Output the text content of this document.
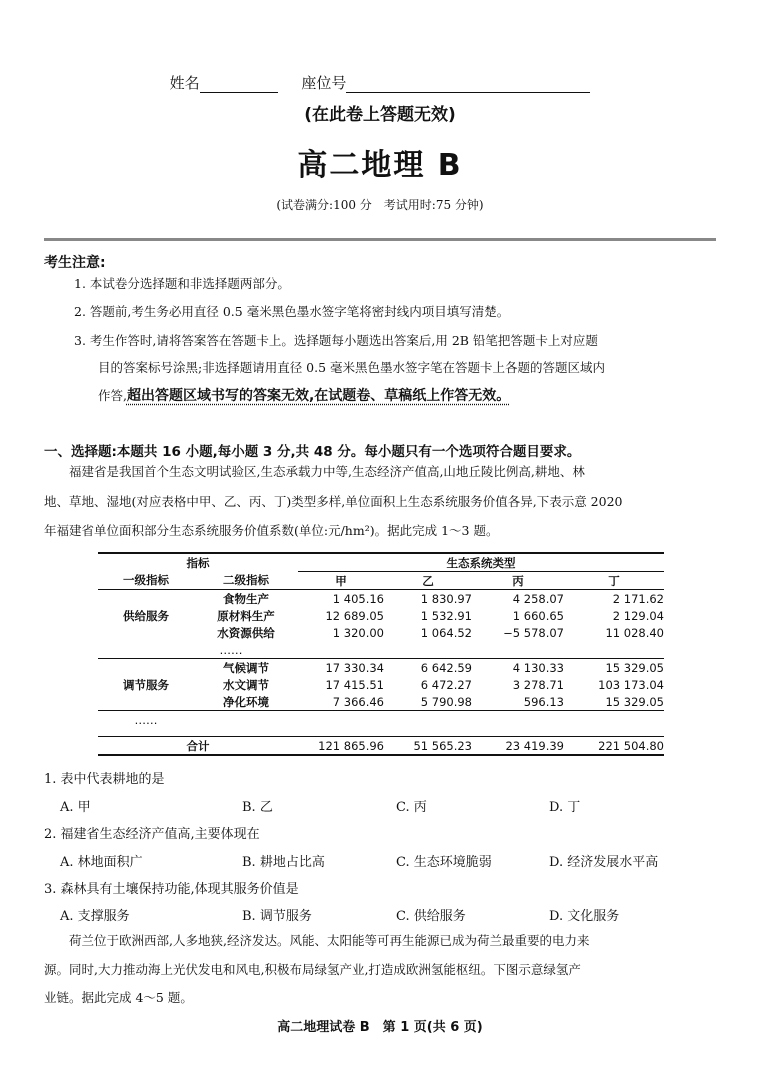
姓名	座位号
(在此卷上答题无效)
高二地理 B
(试卷满分:100 分　考试用时:75 分钟)
考生注意:
1. 本试卷分选择题和非选择题两部分。
2. 答题前,考生务必用直径 0.5 毫米黑色墨水签字笔将密封线内项目填写清楚。
3. 考生作答时,请将答案答在答题卡上。选择题每小题选出答案后,用 2B 铅笔把答题卡上对应题
目的答案标号涂黑;非选择题请用直径 0.5 毫米黑色墨水签字笔在答题卡上各题的答题区域内
作答,超出答题区域书写的答案无效,在试题卷、草稿纸上作答无效。
一、选择题:本题共 16 小题,每小题 3 分,共 48 分。每小题只有一个选项符合题目要求。
　　福建省是我国首个生态文明试验区,生态承载力中等,生态经济产值高,山地丘陵比例高,耕地、林
地、草地、湿地(对应表格中甲、乙、丙、丁)类型多样,单位面积上生态系统服务价值各异,下表示意 2020
年福建省单位面积部分生态系统服务价值系数(单位:元/hm²)。据此完成 1～3 题。
指标		生态系统类型			
一级指标	二级指标	甲	乙	丙	丁
供给服务	食物生产	1 405.16	1 830.97	4 258.07	2 171.62
	原材料生产	12 689.05	1 532.91	1 660.65	2 129.04
	水资源供给	1 320.00	1 064.52	−5 578.07	11 028.40
	……				
调节服务	气候调节	17 330.34	6 642.59	4 130.33	15 329.05
	水文调节	17 415.51	6 472.27	3 278.71	103 173.04
	净化环境	7 366.46	5 790.98	596.13	15 329.05
……					

合计		121 865.96	51 565.23	23 419.39	221 504.80
1. 表中代表耕地的是
A. 甲	B. 乙	C. 丙	D. 丁
2. 福建省生态经济产值高,主要体现在
A. 林地面积广	B. 耕地占比高	C. 生态环境脆弱	D. 经济发展水平高
3. 森林具有土壤保持功能,体现其服务价值是
A. 支撑服务	B. 调节服务	C. 供给服务	D. 文化服务
　　荷兰位于欧洲西部,人多地狭,经济发达。风能、太阳能等可再生能源已成为荷兰最重要的电力来
源。同时,大力推动海上光伏发电和风电,积极布局绿氢产业,打造成欧洲氢能枢纽。下图示意绿氢产
业链。据此完成 4～5 题。
高二地理试卷 B　第 1 页(共 6 页)
